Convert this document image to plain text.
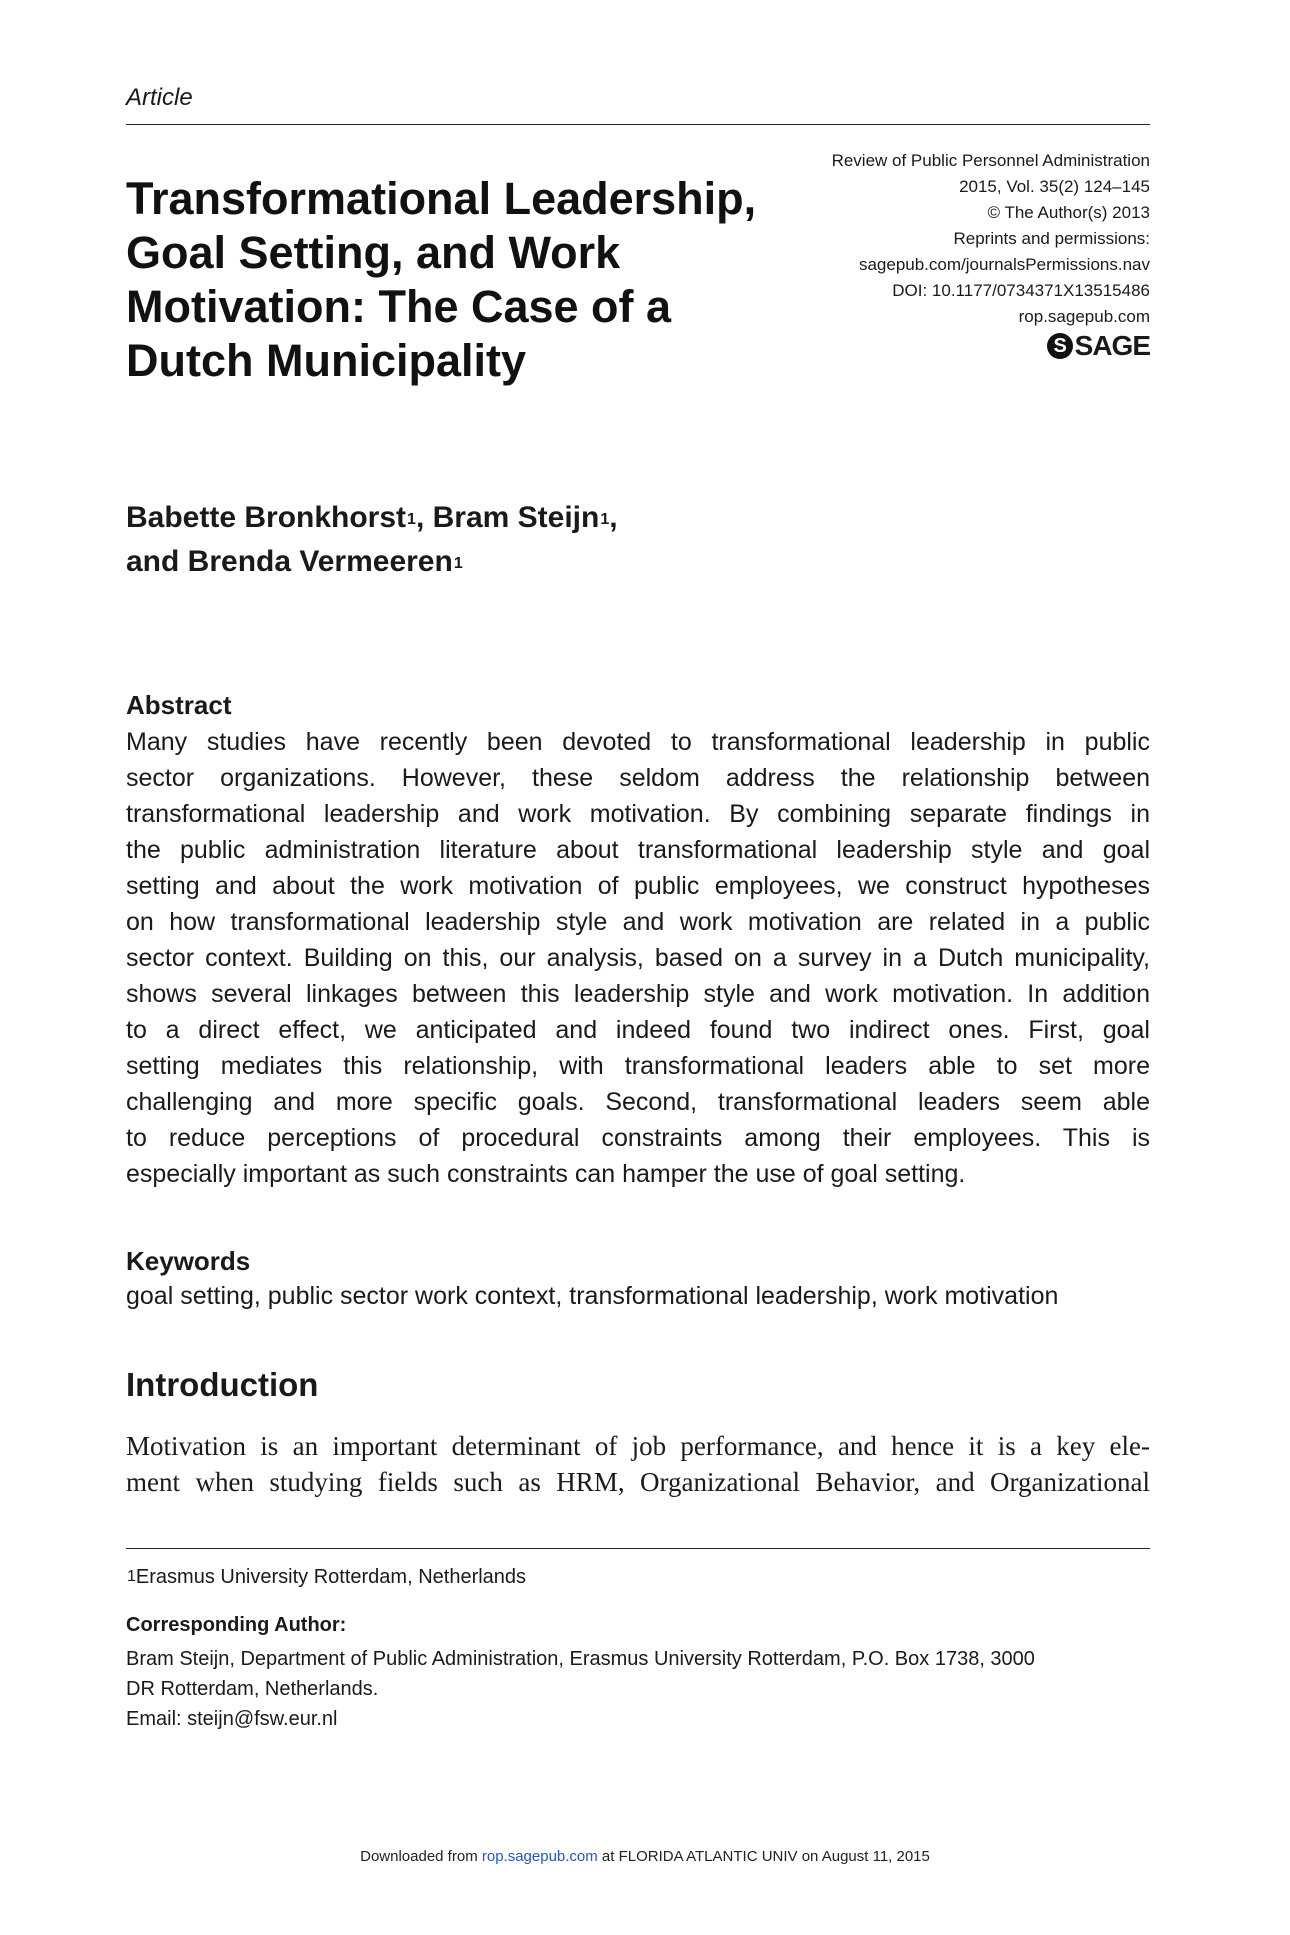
Article
Transformational Leadership,
Goal Setting, and Work
Motivation: The Case of a
Dutch Municipality
Review of Public Personnel Administration
2015, Vol. 35(2) 124–145
© The Author(s) 2013
Reprints and permissions:
sagepub.com/journalsPermissions.nav
DOI: 10.1177/0734371X13515486
rop.sagepub.com
S SAGE
Babette Bronkhorst$^1$, Bram Steijn$^1$,
and Brenda Vermeeren$^1$
Abstract
Many studies have recently been devoted to transformational leadership in public
sector organizations. However, these seldom address the relationship between
transformational leadership and work motivation. By combining separate findings in
the public administration literature about transformational leadership style and goal
setting and about the work motivation of public employees, we construct hypotheses
on how transformational leadership style and work motivation are related in a public
sector context. Building on this, our analysis, based on a survey in a Dutch municipality,
shows several linkages between this leadership style and work motivation. In addition
to a direct effect, we anticipated and indeed found two indirect ones. First, goal
setting mediates this relationship, with transformational leaders able to set more
challenging and more specific goals. Second, transformational leaders seem able
to reduce perceptions of procedural constraints among their employees. This is
especially important as such constraints can hamper the use of goal setting.
Keywords
goal setting, public sector work context, transformational leadership, work motivation
Introduction
Motivation is an important determinant of job performance, and hence it is a key ele-
ment when studying fields such as HRM, Organizational Behavior, and Organizational
$^1$Erasmus University Rotterdam, Netherlands
Corresponding Author:
Bram Steijn, Department of Public Administration, Erasmus University Rotterdam, P.O. Box 1738, 3000
DR Rotterdam, Netherlands.
Email: steijn@fsw.eur.nl
Downloaded from rop.sagepub.com at FLORIDA ATLANTIC UNIV on August 11, 2015
